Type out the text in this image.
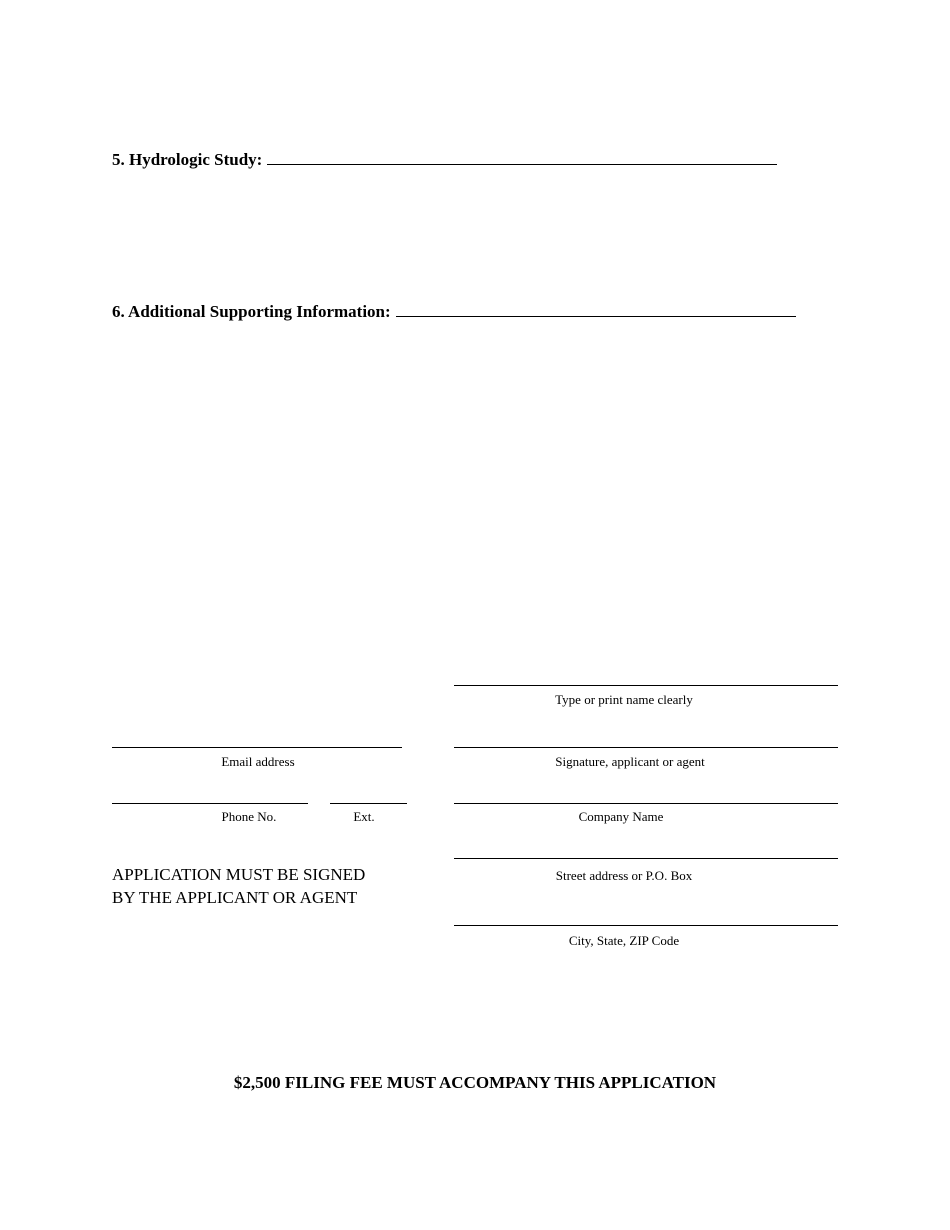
5. Hydrologic Study:
6. Additional Supporting Information:
Type or print name clearly
Email address	Signature, applicant or agent
Phone No.	Ext.	Company Name
APPLICATION MUST BE SIGNED
BY THE APPLICANT OR AGENT
Street address or P.O. Box
City, State, ZIP Code
$2,500 FILING FEE MUST ACCOMPANY THIS APPLICATION
